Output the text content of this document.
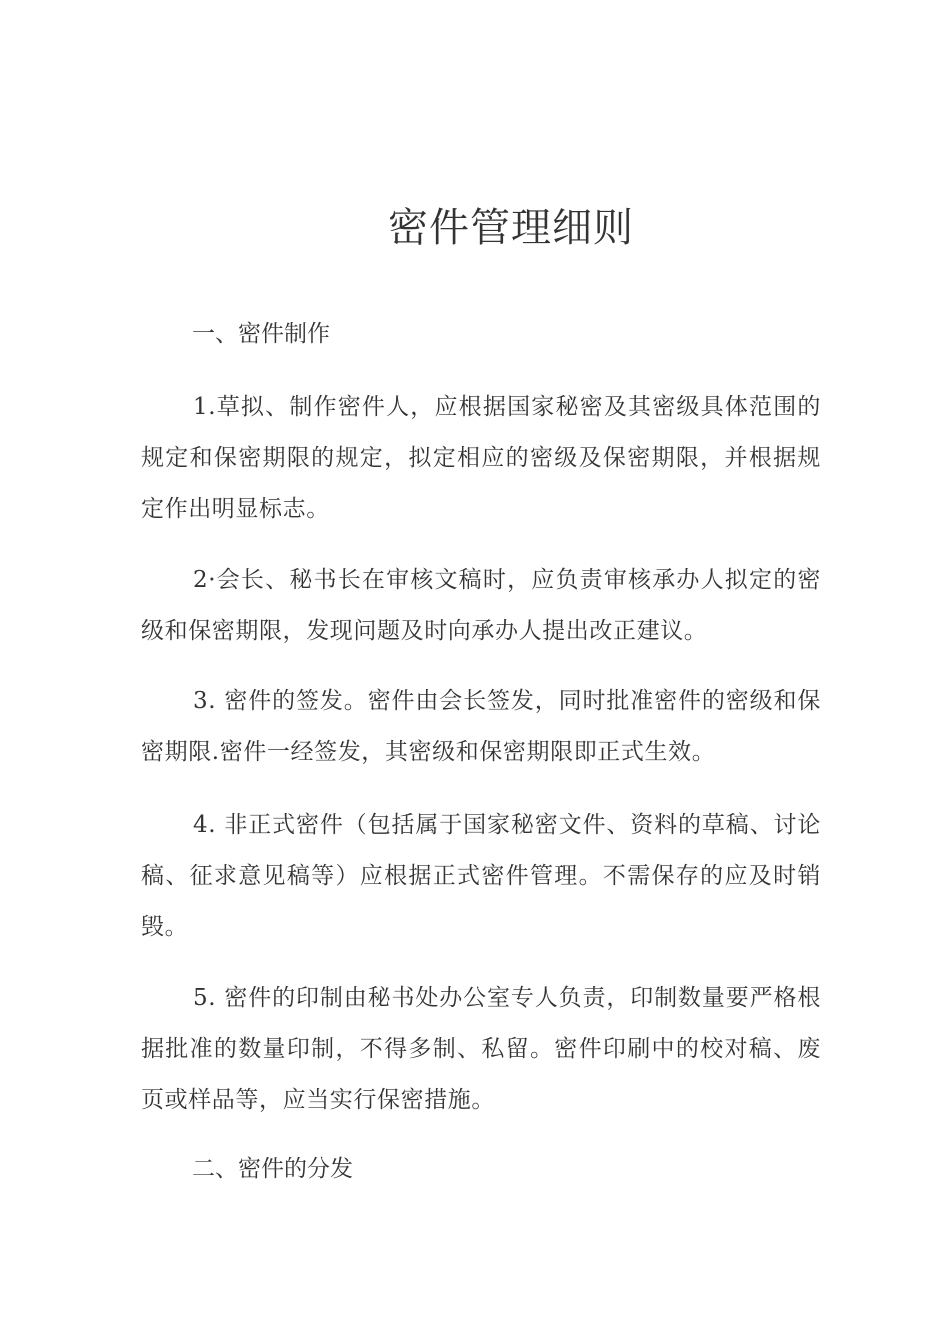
密件管理细则
一、密件制作

1.草拟、制作密件人，应根据国家秘密及其密级具体范围的规定和保密期限的规定，拟定相应的密级及保密期限，并根据规定作出明显标志。

2·会长、秘书长在审核文稿时，应负责审核承办人拟定的密级和保密期限，发现问题及时向承办人提出改正建议。

3. 密件的签发。密件由会长签发，同时批准密件的密级和保密期限.密件一经签发，其密级和保密期限即正式生效。

4. 非正式密件（包括属于国家秘密文件、资料的草稿、讨论稿、征求意见稿等）应根据正式密件管理。不需保存的应及时销毁。

5. 密件的印制由秘书处办公室专人负责，印制数量要严格根据批准的数量印制，不得多制、私留。密件印刷中的校对稿、废页或样品等，应当实行保密措施。

二、密件的分发
